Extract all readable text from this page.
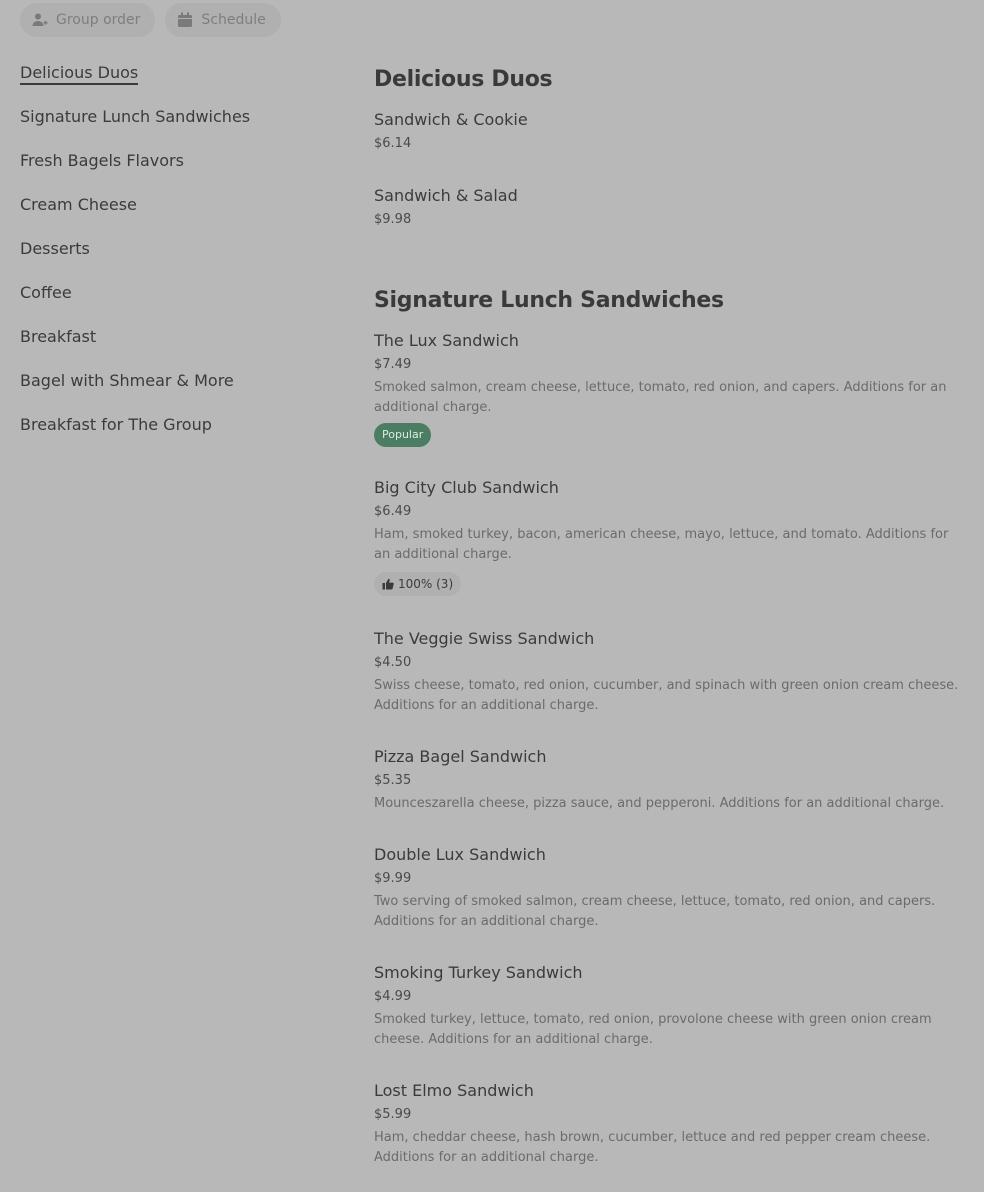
Group order	Schedule
Delicious Duos
Signature Lunch Sandwiches
Fresh Bagels Flavors
Cream Cheese
Desserts
Coffee
Breakfast
Bagel with Shmear & More
Breakfast for The Group
Delicious Duos
Sandwich & Cookie
$6.14
Sandwich & Salad
$9.98
Signature Lunch Sandwiches
The Lux Sandwich
$7.49
Smoked salmon, cream cheese, lettuce, tomato, red onion, and capers. Additions for an additional charge.
Popular
Big City Club Sandwich
$6.49
Ham, smoked turkey, bacon, american cheese, mayo, lettuce, and tomato. Additions for an additional charge.
100% (3)
The Veggie Swiss Sandwich
$4.50
Swiss cheese, tomato, red onion, cucumber, and spinach with green onion cream cheese. Additions for an additional charge.
Pizza Bagel Sandwich
$5.35
Mounceszarella cheese, pizza sauce, and pepperoni. Additions for an additional charge.
Double Lux Sandwich
$9.99
Two serving of smoked salmon, cream cheese, lettuce, tomato, red onion, and capers. Additions for an additional charge.
Smoking Turkey Sandwich
$4.99
Smoked turkey, lettuce, tomato, red onion, provolone cheese with green onion cream cheese. Additions for an additional charge.
Lost Elmo Sandwich
$5.99
Ham, cheddar cheese, hash brown, cucumber, lettuce and red pepper cream cheese. Additions for an additional charge.
